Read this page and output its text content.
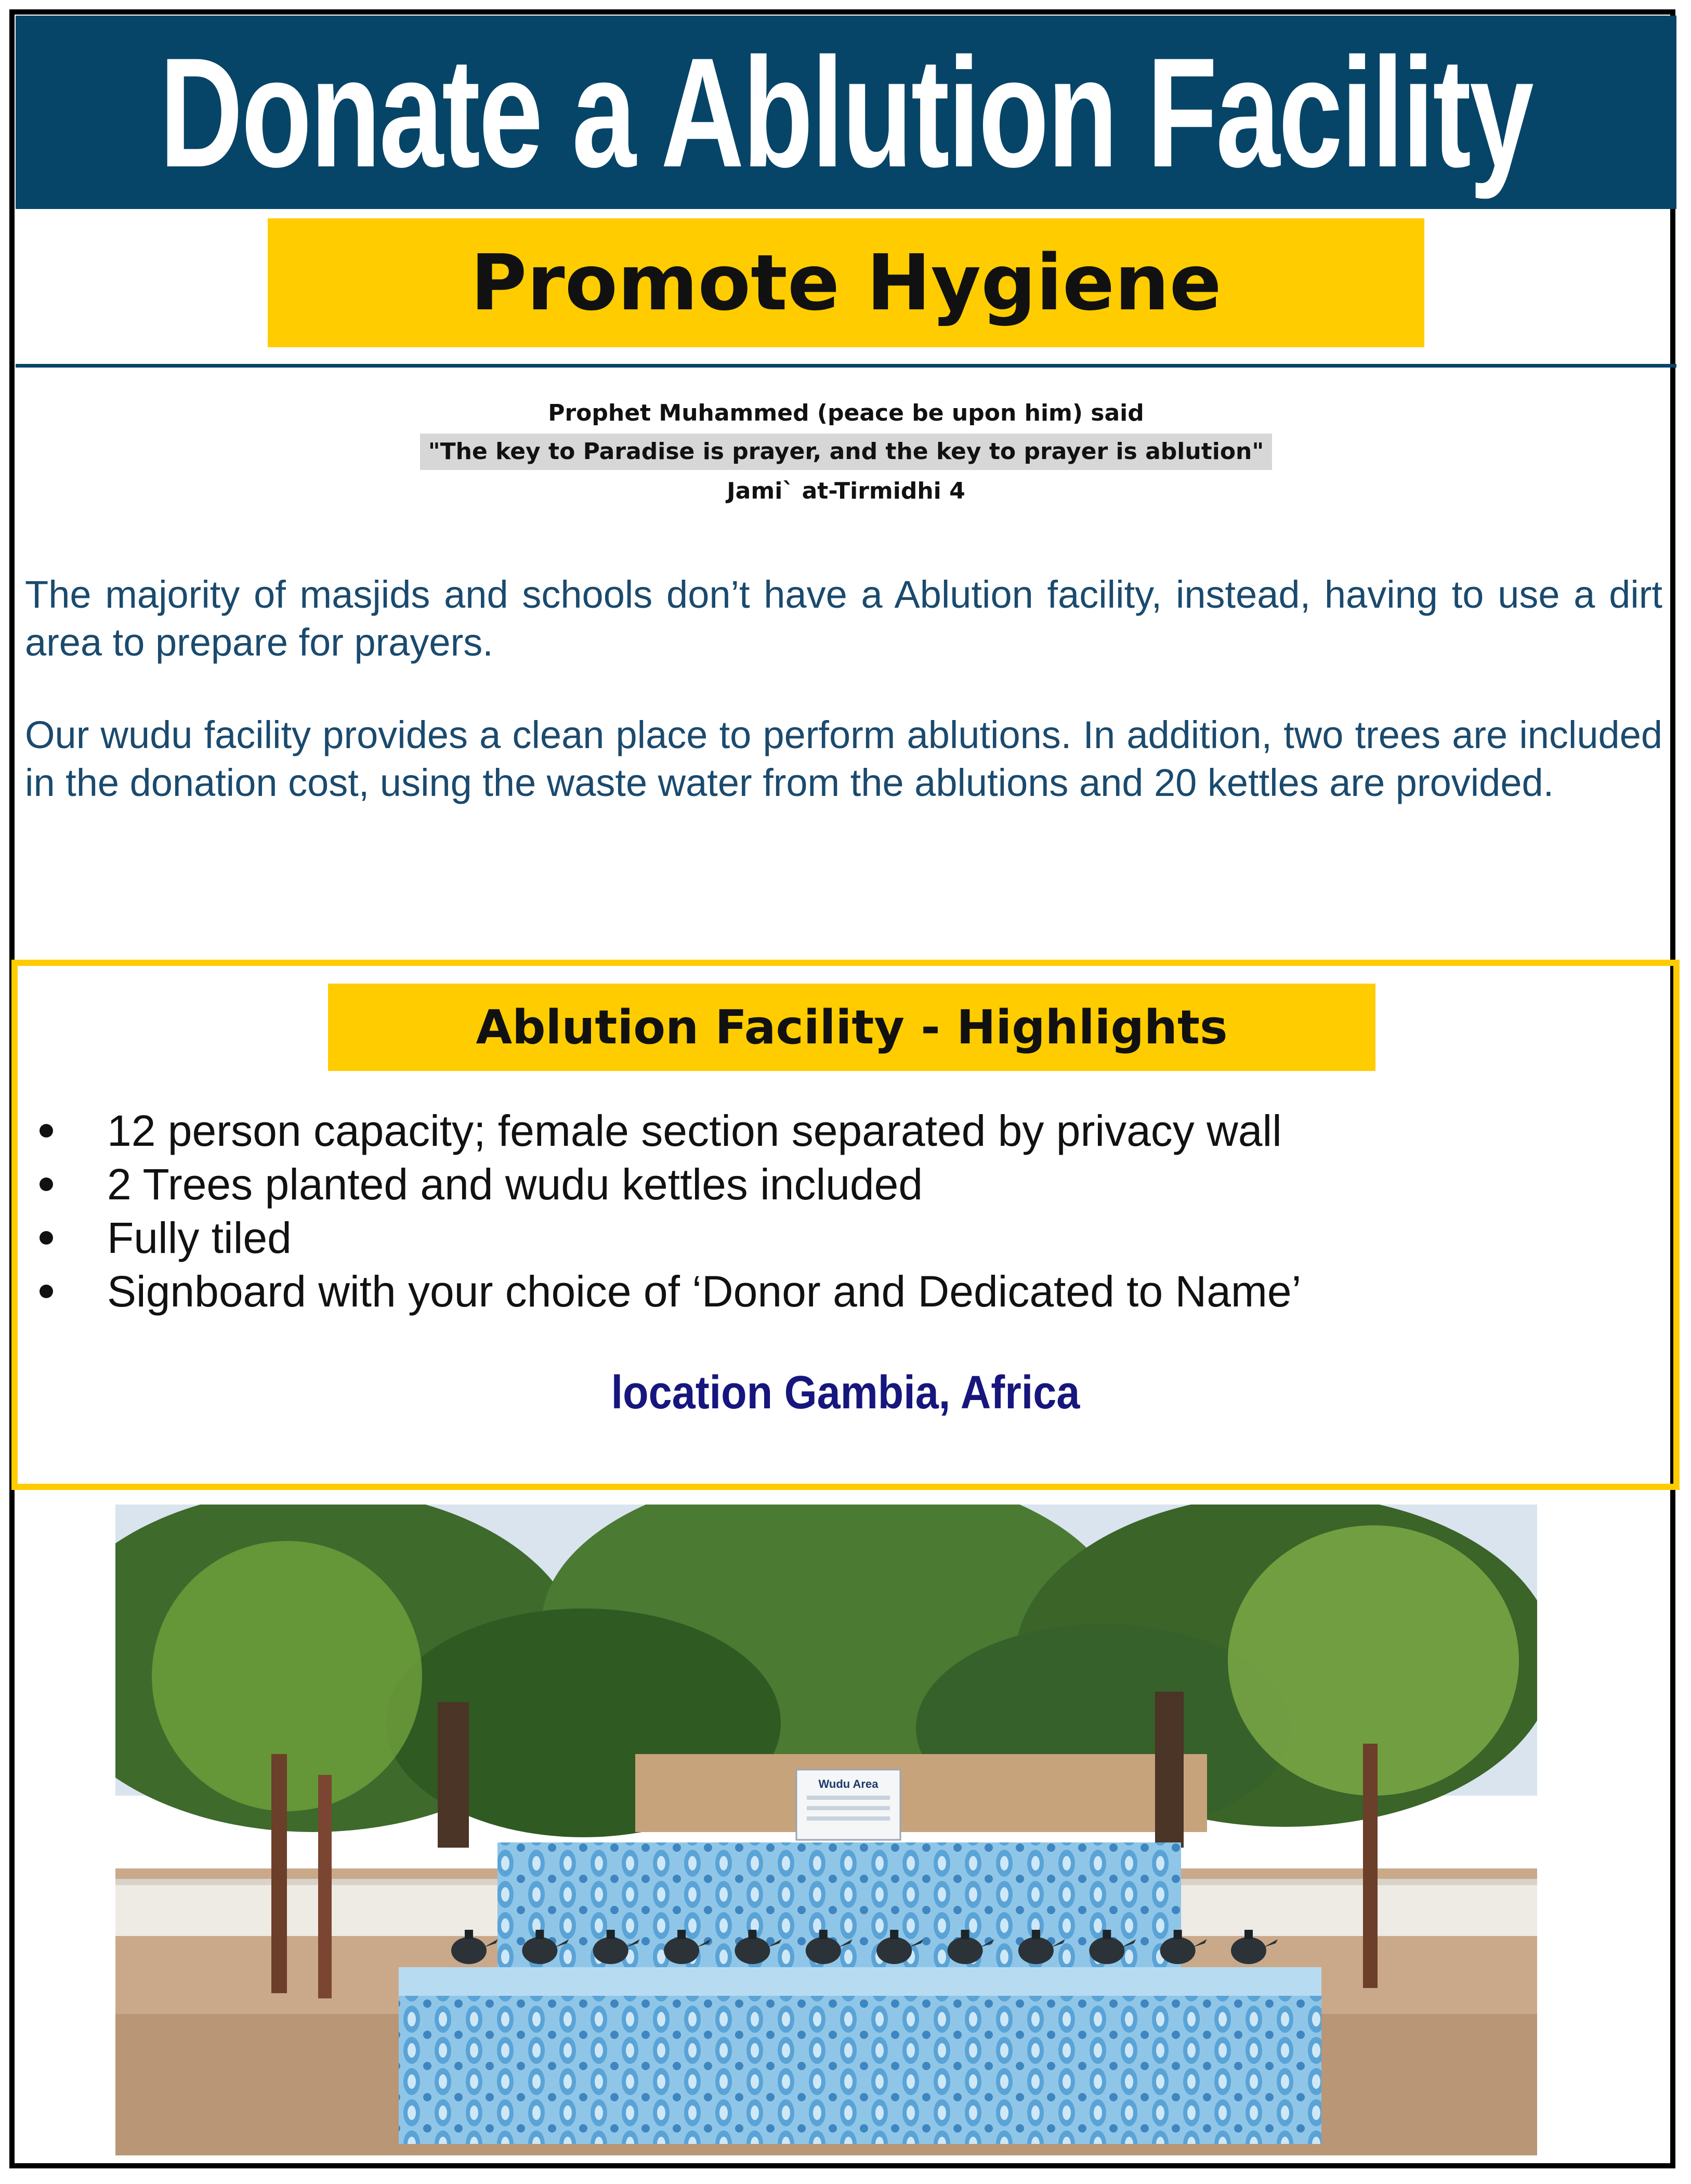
Donate a Ablution Facility
Promote Hygiene
Prophet Muhammed (peace be upon him) said
"The key to Paradise is prayer, and the key to prayer is ablution"
Jami` at-Tirmidhi 4

The majority of masjids and schools don’t have a Ablution facility, instead, having to use a dirt area to prepare for prayers.

Our wudu facility provides a clean place to perform ablutions. In addition, two trees are included in the donation cost, using the waste water from the ablutions and 20 kettles are provided.

Ablution Facility - Highlights
12 person capacity; female section separated by privacy wall
2 Trees planted and wudu kettles included
Fully tiled
Signboard with your choice of ‘Donor and Dedicated to Name’
location Gambia, Africa
Wudu Area
